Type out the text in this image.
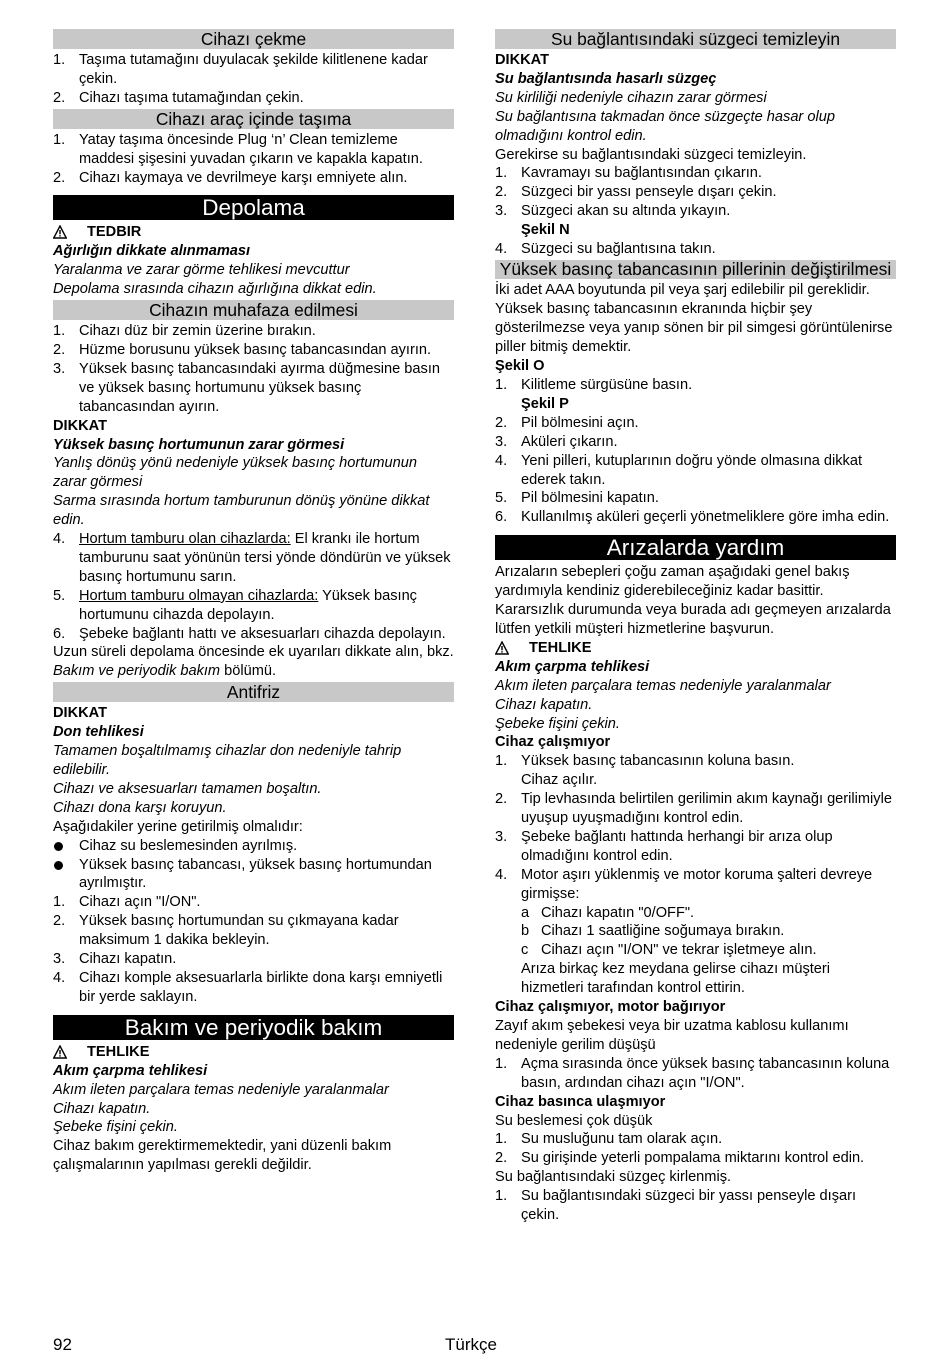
Cihazı çekme
1. Taşıma tutamağını duyulacak şekilde kilitlenene kadar çekin.
2. Cihazı taşıma tutamağından çekin.
Cihazı araç içinde taşıma
1. Yatay taşıma öncesinde Plug ‘n’ Clean temizleme maddesi şişesini yuvadan çıkarın ve kapakla kapatın.
2. Cihazı kaymaya ve devrilmeye karşı emniyete alın.
Depolama
TEDBIR
Ağırlığın dikkate alınmaması
Yaralanma ve zarar görme tehlikesi mevcuttur
Depolama sırasında cihazın ağırlığına dikkat edin.
Cihazın muhafaza edilmesi
1. Cihazı düz bir zemin üzerine bırakın.
2. Hüzme borusunu yüksek basınç tabancasından ayırın.
3. Yüksek basınç tabancasındaki ayırma düğmesine basın ve yüksek basınç hortumunu yüksek basınç tabancasından ayırın.
DIKKAT
Yüksek basınç hortumunun zarar görmesi
Yanlış dönüş yönü nedeniyle yüksek basınç hortumunun zarar görmesi
Sarma sırasında hortum tamburunun dönüş yönüne dikkat edin.
4. Hortum tamburu olan cihazlarda: El krankı ile hortum tamburunu saat yönünün tersi yönde döndürün ve yüksek basınç hortumunu sarın.
5. Hortum tamburu olmayan cihazlarda: Yüksek basınç hortumunu cihazda depolayın.
6. Şebeke bağlantı hattı ve aksesuarları cihazda depolayın.
Uzun süreli depolama öncesinde ek uyarıları dikkate alın, bkz. Bakım ve periyodik bakım bölümü.
Antifriz
DIKKAT
Don tehlikesi
Tamamen boşaltılmamış cihazlar don nedeniyle tahrip edilebilir.
Cihazı ve aksesuarları tamamen boşaltın.
Cihazı dona karşı koruyun.
Aşağıdakiler yerine getirilmiş olmalıdır:
Cihaz su beslemesinden ayrılmış.
Yüksek basınç tabancası, yüksek basınç hortumundan ayrılmıştır.
1. Cihazı açın "I/ON".
2. Yüksek basınç hortumundan su çıkmayana kadar maksimum 1 dakika bekleyin.
3. Cihazı kapatın.
4. Cihazı komple aksesuarlarla birlikte dona karşı emniyetli bir yerde saklayın.
Bakım ve periyodik bakım
TEHLIKE
Akım çarpma tehlikesi
Akım ileten parçalara temas nedeniyle yaralanmalar
Cihazı kapatın.
Şebeke fişini çekin.
Cihaz bakım gerektirmemektedir, yani düzenli bakım çalışmalarının yapılması gerekli değildir.
Su bağlantısındaki süzgeci temizleyin
DIKKAT
Su bağlantısında hasarlı süzgeç
Su kirliliği nedeniyle cihazın zarar görmesi
Su bağlantısına takmadan önce süzgeçte hasar olup olmadığını kontrol edin.
Gerekirse su bağlantısındaki süzgeci temizleyin.
1. Kavramayı su bağlantısından çıkarın.
2. Süzgeci bir yassı penseyle dışarı çekin.
3. Süzgeci akan su altında yıkayın.
Şekil N
4. Süzgeci su bağlantısına takın.
Yüksek basınç tabancasının pillerinin değiştirilmesi
İki adet AAA boyutunda pil veya şarj edilebilir pil gereklidir.
Yüksek basınç tabancasının ekranında hiçbir şey gösterilmezse veya yanıp sönen bir pil simgesi görüntülenirse piller bitmiş demektir.
Şekil O
1. Kilitleme sürgüsüne basın.
Şekil P
2. Pil bölmesini açın.
3. Aküleri çıkarın.
4. Yeni pilleri, kutuplarının doğru yönde olmasına dikkat ederek takın.
5. Pil bölmesini kapatın.
6. Kullanılmış aküleri geçerli yönetmeliklere göre imha edin.
Arızalarda yardım
Arızaların sebepleri çoğu zaman aşağıdaki genel bakış yardımıyla kendiniz giderebileceğiniz kadar basittir. Kararsızlık durumunda veya burada adı geçmeyen arızalarda lütfen yetkili müşteri hizmetlerine başvurun.
TEHLIKE
Akım çarpma tehlikesi
Akım ileten parçalara temas nedeniyle yaralanmalar
Cihazı kapatın.
Şebeke fişini çekin.
Cihaz çalışmıyor
1. Yüksek basınç tabancasının koluna basın.
Cihaz açılır.
2. Tip levhasında belirtilen gerilimin akım kaynağı gerilimiyle uyuşup uyuşmadığını kontrol edin.
3. Şebeke bağlantı hattında herhangi bir arıza olup olmadığını kontrol edin.
4. Motor aşırı yüklenmiş ve motor koruma şalteri devreye girmişse:
a Cihazı kapatın "0/OFF".
b Cihazı 1 saatliğine soğumaya bırakın.
c Cihazı açın "I/ON" ve tekrar işletmeye alın.
Arıza birkaç kez meydana gelirse cihazı müşteri hizmetleri tarafından kontrol ettirin.
Cihaz çalışmıyor, motor bağırıyor
Zayıf akım şebekesi veya bir uzatma kablosu kullanımı nedeniyle gerilim düşüşü
1. Açma sırasında önce yüksek basınç tabancasının koluna basın, ardından cihazı açın "I/ON".
Cihaz basınca ulaşmıyor
Su beslemesi çok düşük
1. Su musluğunu tam olarak açın.
2. Su girişinde yeterli pompalama miktarını kontrol edin.
Su bağlantısındaki süzgeç kirlenmiş.
1. Su bağlantısındaki süzgeci bir yassı penseyle dışarı çekin.
92	Türkçe
